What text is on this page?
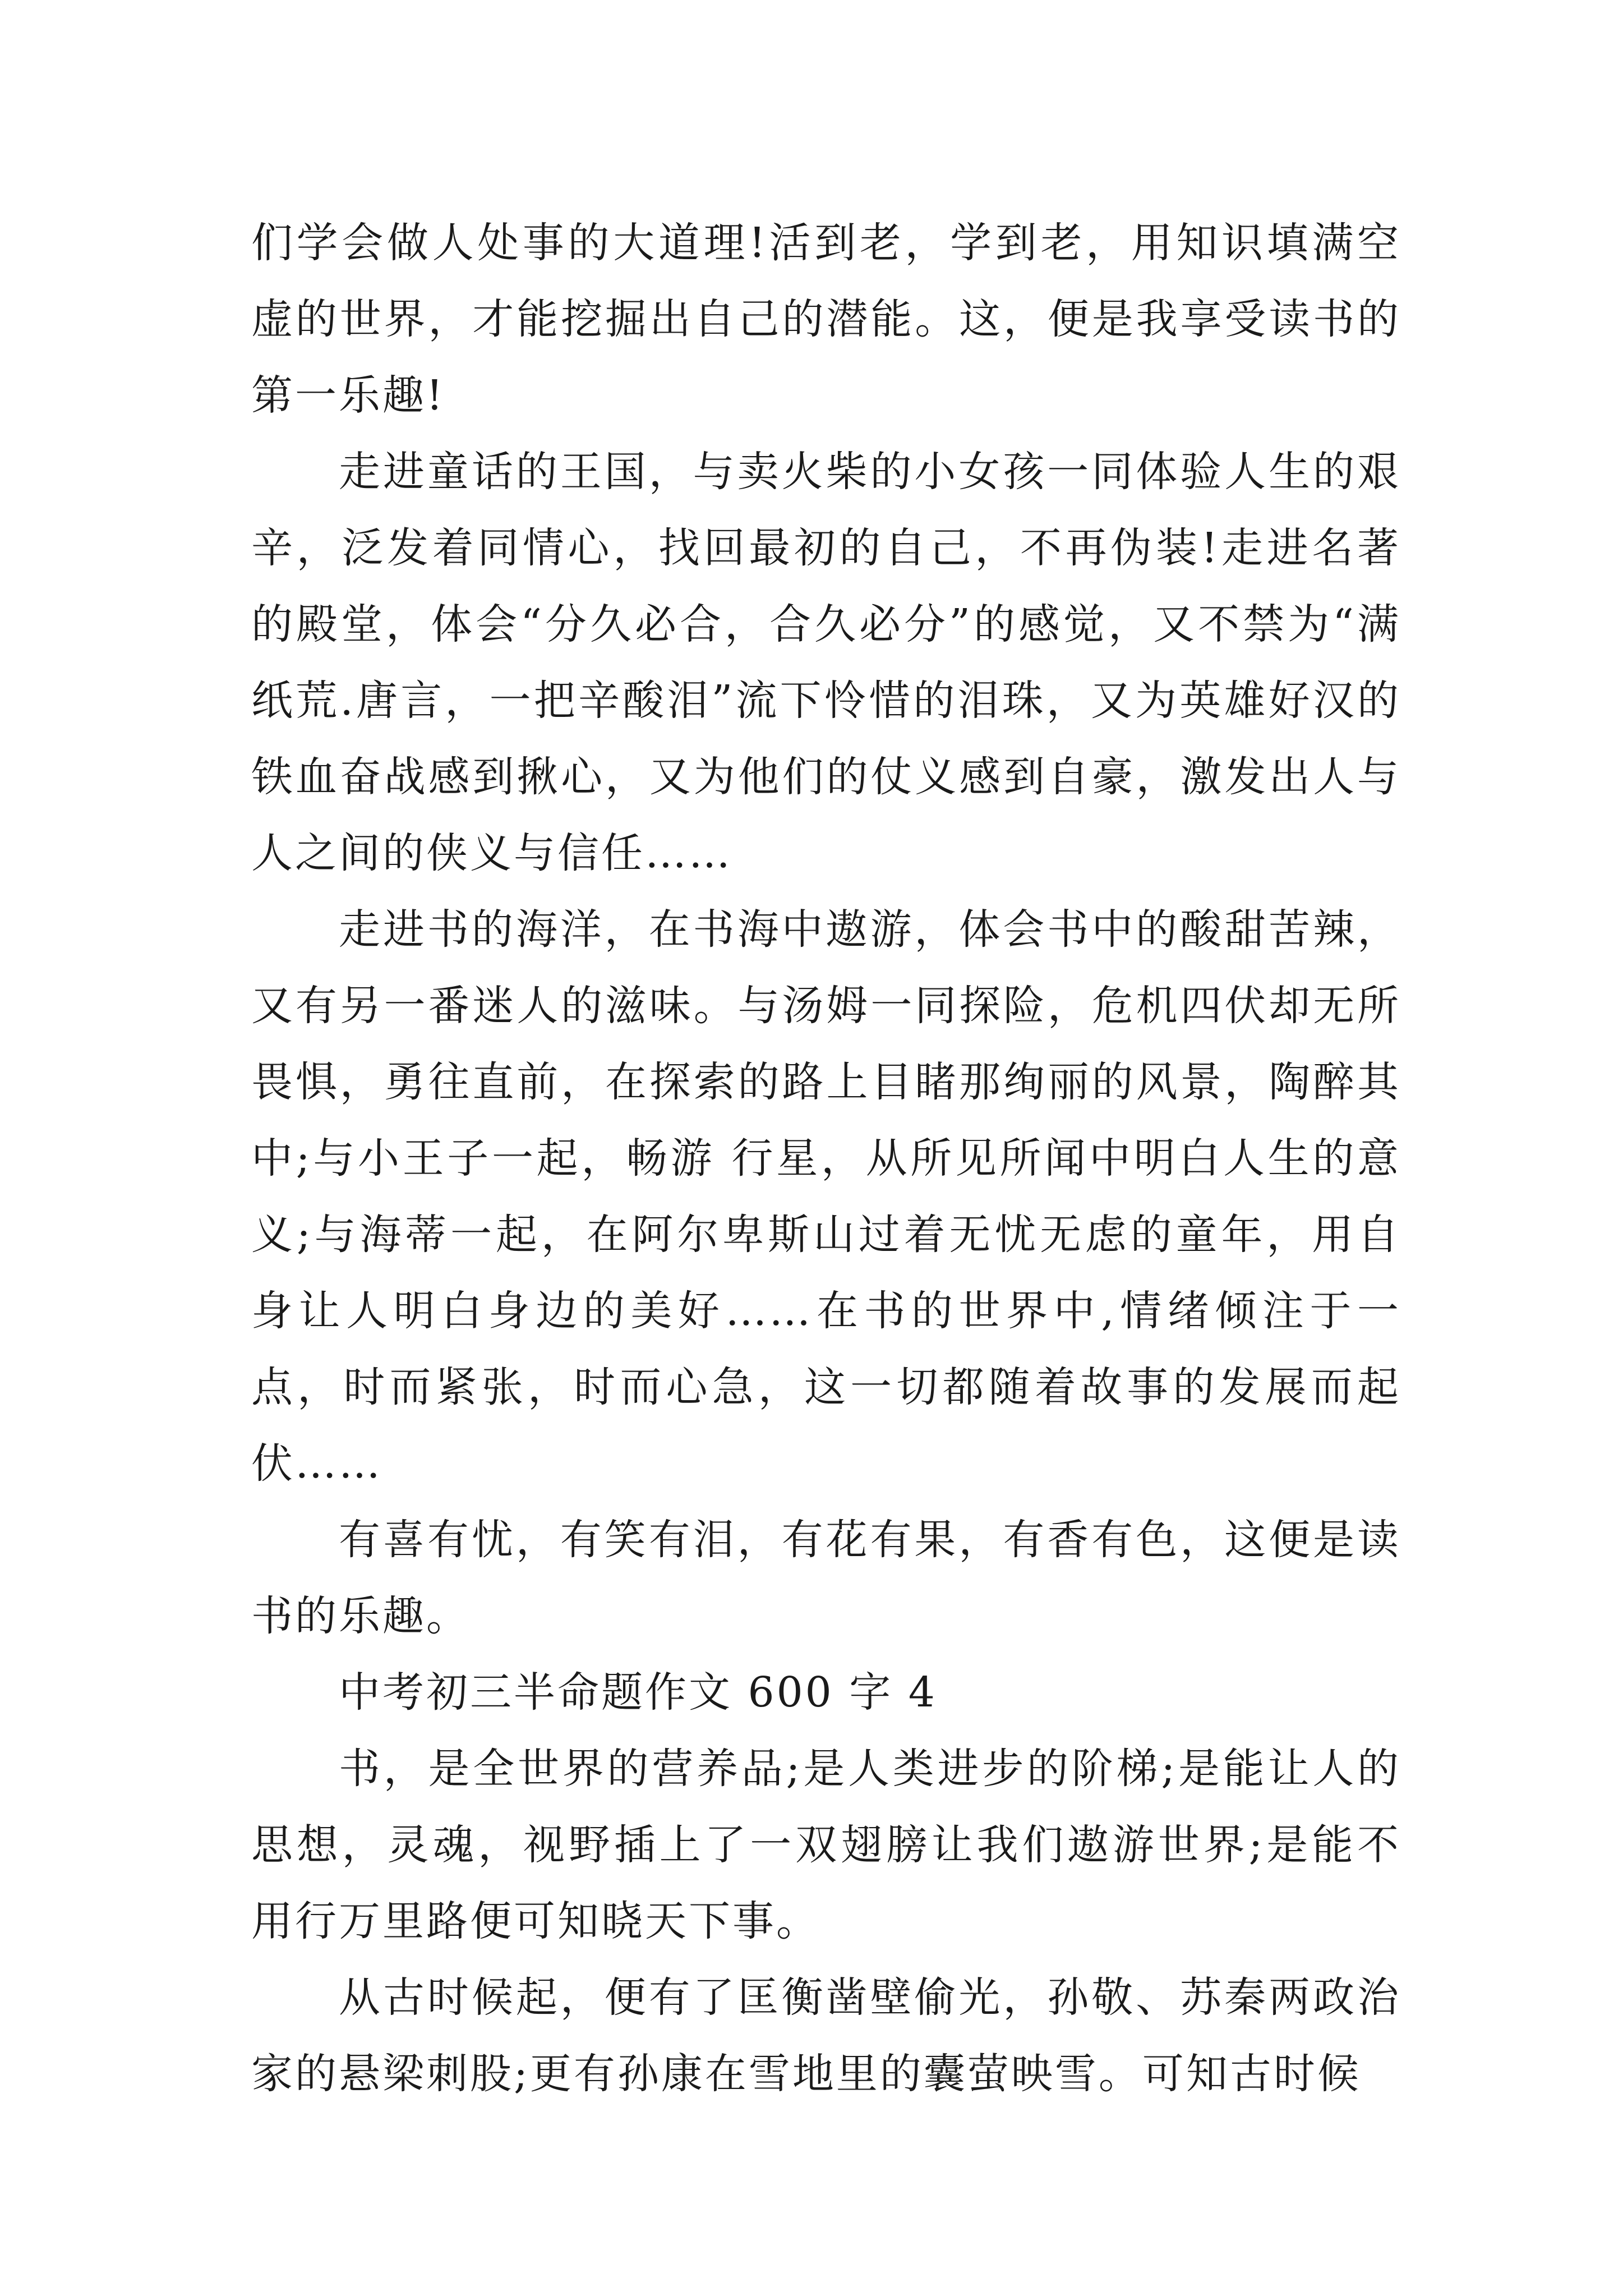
们学会做人处事的大道理!活到老，学到老，用知识填满空虚的世界，才能挖掘出自己的潜能。这，便是我享受读书的第一乐趣!

走进童话的王国，与卖火柴的小女孩一同体验人生的艰辛，泛发着同情心，找回最初的自己，不再伪装!走进名著的殿堂，体会“分久必合，合久必分”的感觉，又不禁为“满纸荒.唐言，一把辛酸泪”流下怜惜的泪珠，又为英雄好汉的铁血奋战感到揪心，又为他们的仗义感到自豪，激发出人与人之间的侠义与信任……

走进书的海洋，在书海中遨游，体会书中的酸甜苦辣，又有另一番迷人的滋味。与汤姆一同探险，危机四伏却无所畏惧，勇往直前，在探索的路上目睹那绚丽的风景，陶醉其中;与小王子一起，畅游 行星，从所见所闻中明白人生的意义;与海蒂一起，在阿尔卑斯山过着无忧无虑的童年，用自身让人明白身边的美好……在书的世界中,情绪倾注于一点，时而紧张，时而心急，这一切都随着故事的发展而起伏……

有喜有忧，有笑有泪，有花有果，有香有色，这便是读书的乐趣。

中考初三半命题作文 600 字 4

书，是全世界的营养品;是人类进步的阶梯;是能让人的思想，灵魂，视野插上了一双翅膀让我们遨游世界;是能不用行万里路便可知晓天下事。

从古时候起，便有了匡衡凿壁偷光，孙敬、苏秦两政治家的悬梁刺股;更有孙康在雪地里的囊萤映雪。可知古时候
